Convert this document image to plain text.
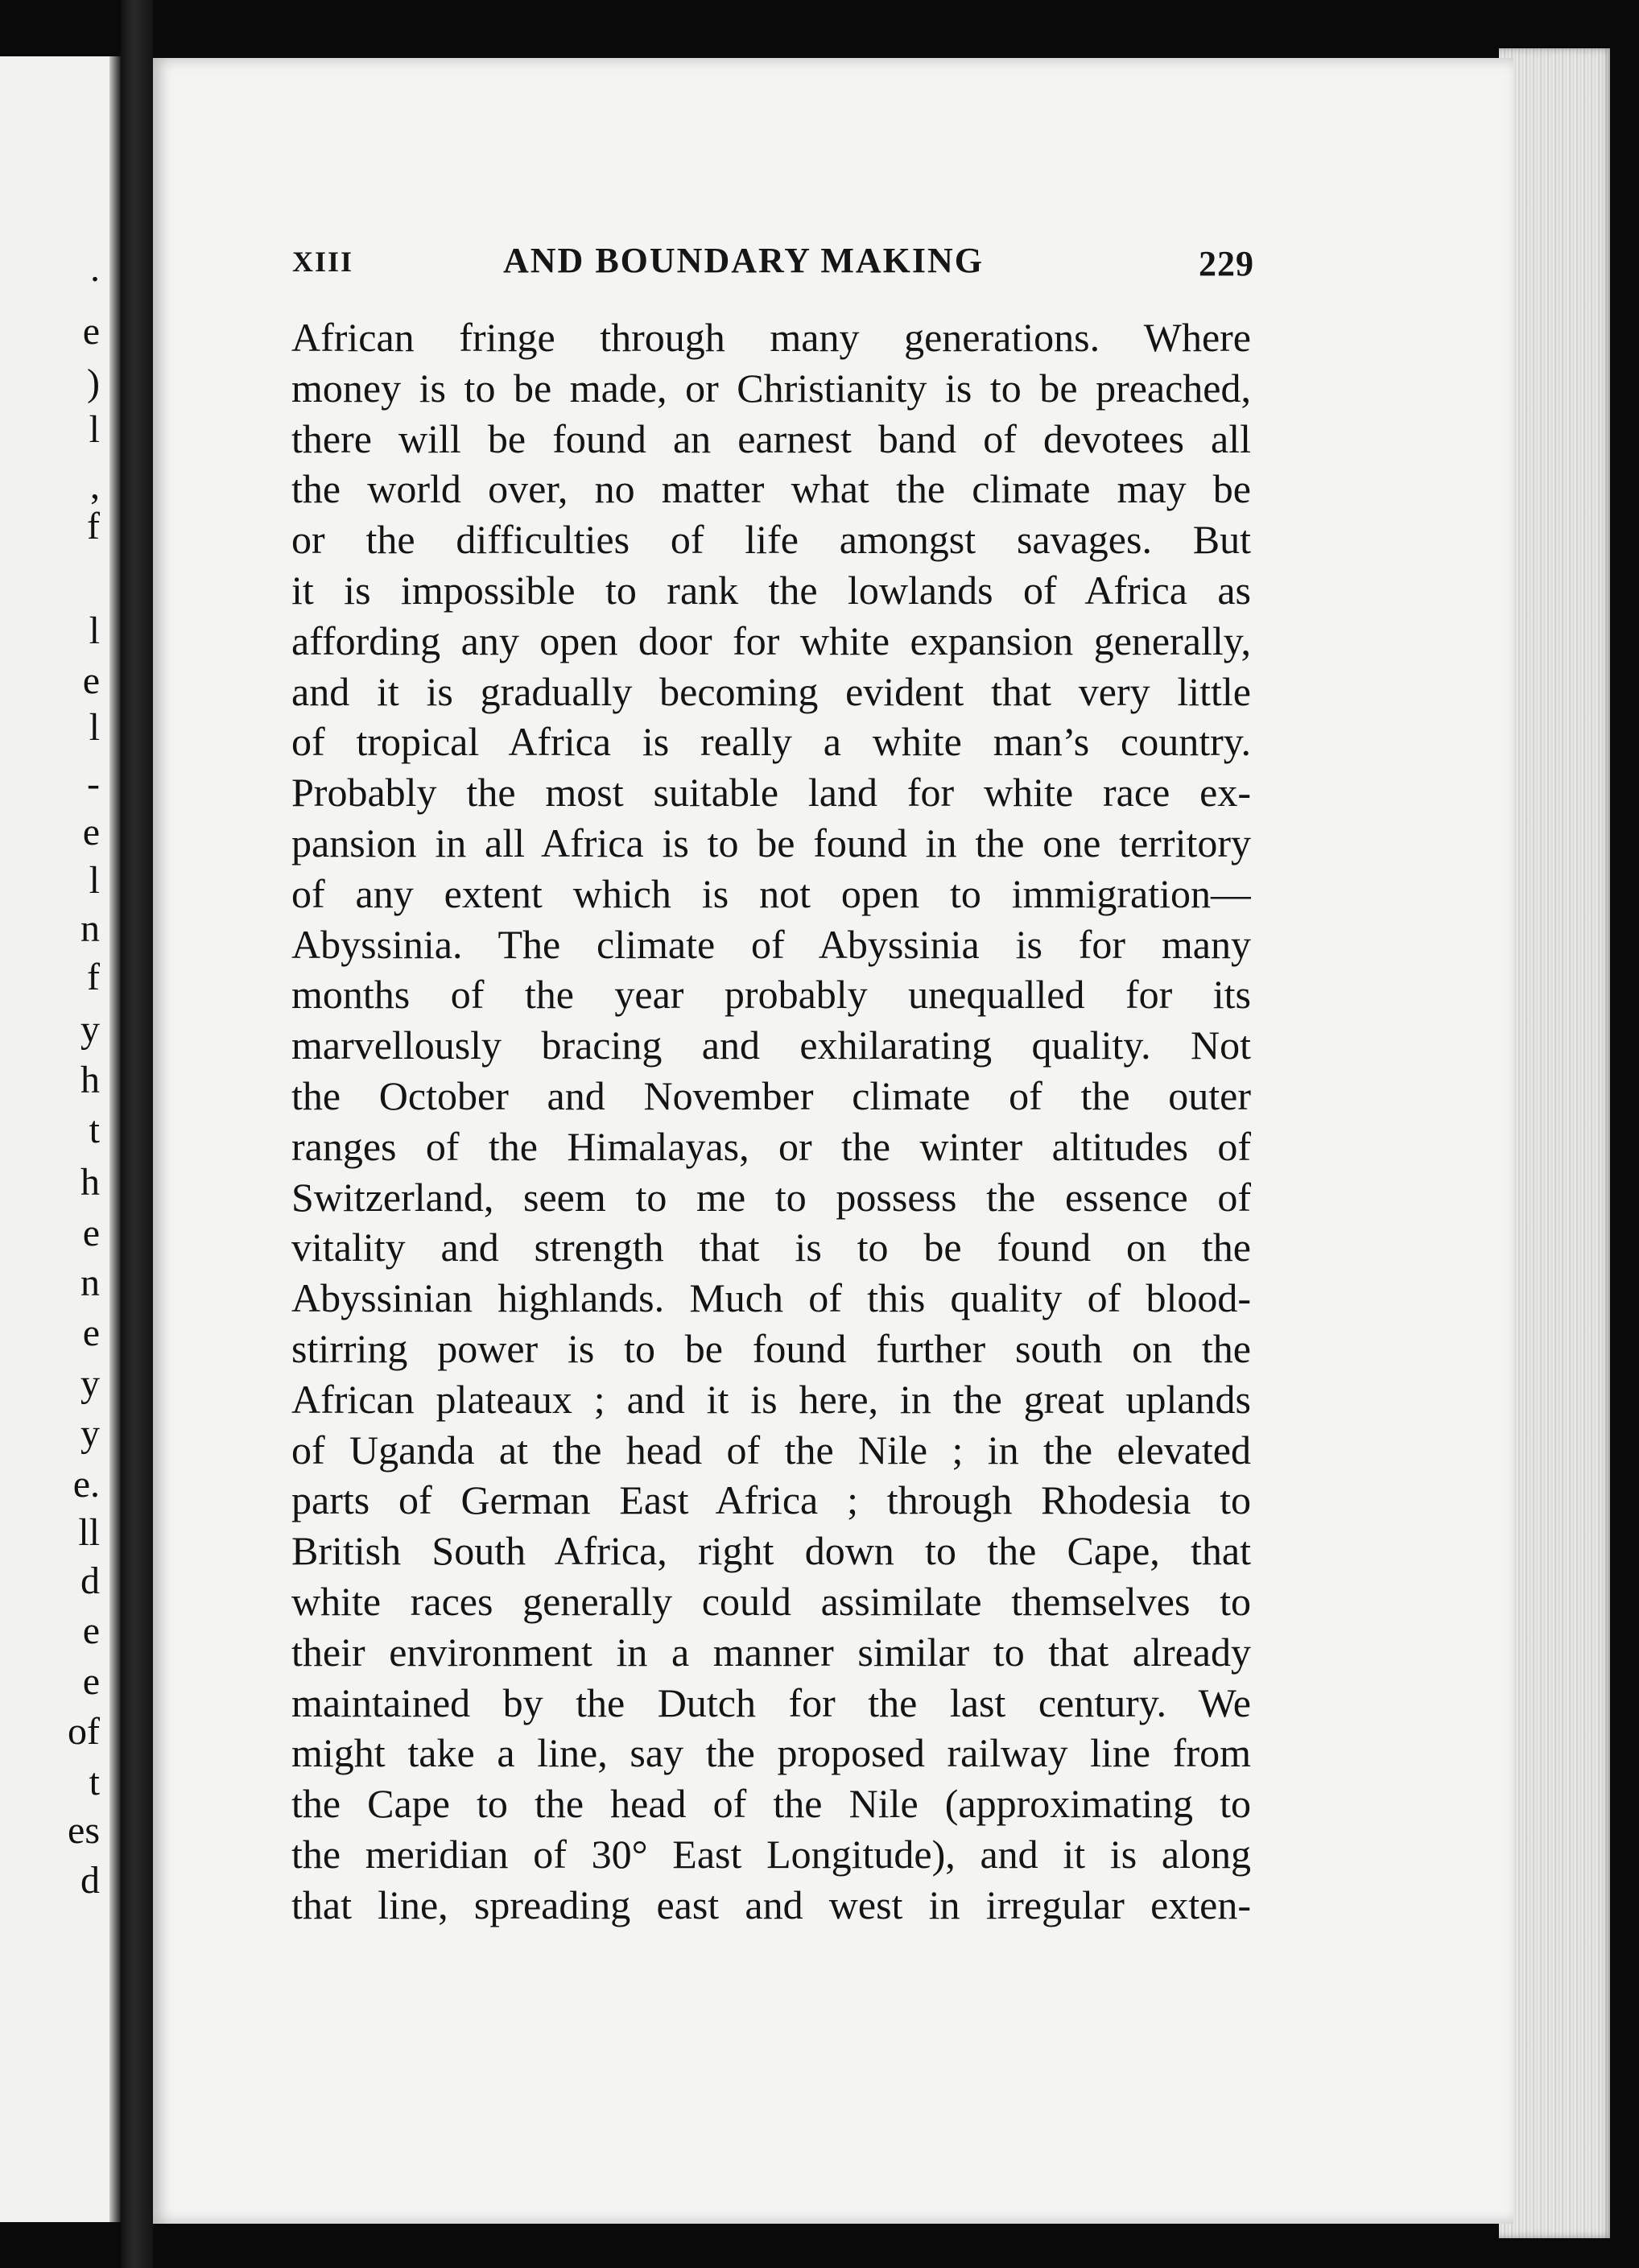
.
e
)
l
,
f
l
e
l
-
e
l
n
f
y
h
t
h
e
n
e
y
y
е.
ll
d
e
e
of
t
es
d
XIII	AND BOUNDARY MAKING	229
African fringe through many generations. Where
money is to be made, or Christianity is to be preached,
there will be found an earnest band of devotees all
the world over, no matter what the climate may be
or the difficulties of life amongst savages. But
it is impossible to rank the lowlands of Africa as
affording any open door for white expansion generally,
and it is gradually becoming evident that very little
of tropical Africa is really a white man’s country.
Probably the most suitable land for white race ex-
pansion in all Africa is to be found in the one territory
of any extent which is not open to immigration—
Abyssinia. The climate of Abyssinia is for many
months of the year probably unequalled for its
marvellously bracing and exhilarating quality. Not
the October and November climate of the outer
ranges of the Himalayas, or the winter altitudes of
Switzerland, seem to me to possess the essence of
vitality and strength that is to be found on the
Abyssinian highlands. Much of this quality of blood-
stirring power is to be found further south on the
African plateaux ; and it is here, in the great uplands
of Uganda at the head of the Nile ; in the elevated
parts of German East Africa ; through Rhodesia to
British South Africa, right down to the Cape, that
white races generally could assimilate themselves to
their environment in a manner similar to that already
maintained by the Dutch for the last century. We
might take a line, say the proposed railway line from
the Cape to the head of the Nile (approximating to
the meridian of 30° East Longitude), and it is along
that line, spreading east and west in irregular exten-
